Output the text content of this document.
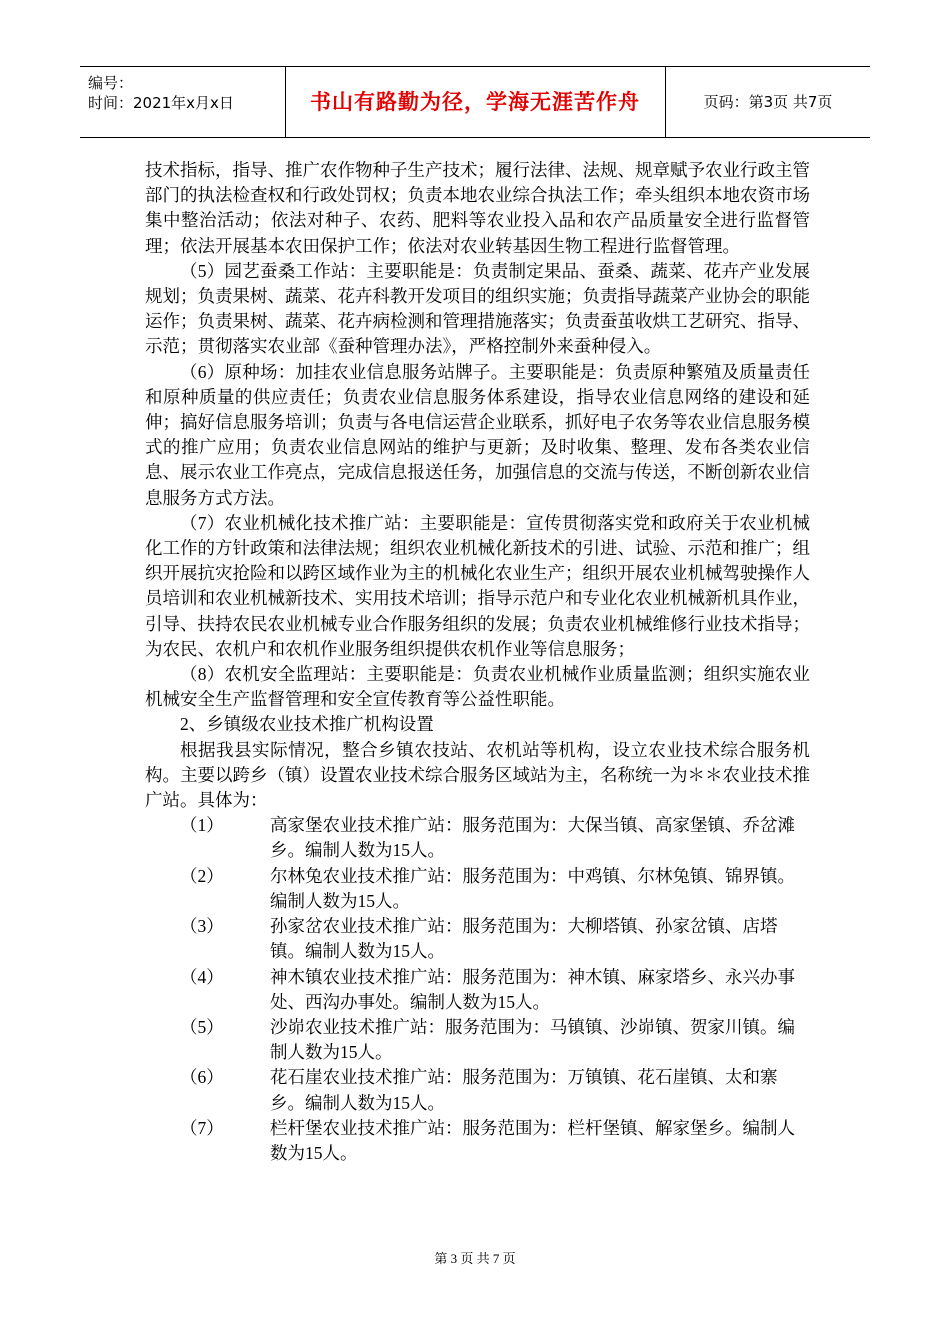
编号：
时间：2021年x月x日	书山有路勤为径，学海无涯苦作舟	页码：第3页 共7页

技术指标，指导、推广农作物种子生产技术；履行法律、法规、规章赋予农业行政主管部门的执法检查权和行政处罚权；负责本地农业综合执法工作；牵头组织本地农资市场集中整治活动；依法对种子、农药、肥料等农业投入品和农产品质量安全进行监督管理；依法开展基本农田保护工作；依法对农业转基因生物工程进行监督管理。

（5）园艺蚕桑工作站：主要职能是：负责制定果品、蚕桑、蔬菜、花卉产业发展规划；负责果树、蔬菜、花卉科教开发项目的组织实施；负责指导蔬菜产业协会的职能运作；负责果树、蔬菜、花卉病检测和管理措施落实；负责蚕茧收烘工艺研究、指导、示范；贯彻落实农业部《蚕种管理办法》，严格控制外来蚕种侵入。

（6）原种场：加挂农业信息服务站牌子。主要职能是：负责原种繁殖及质量责任和原种质量的供应责任；负责农业信息服务体系建设，指导农业信息网络的建设和延伸；搞好信息服务培训；负责与各电信运营企业联系，抓好电子农务等农业信息服务模式的推广应用；负责农业信息网站的维护与更新；及时收集、整理、发布各类农业信息、展示农业工作亮点，完成信息报送任务，加强信息的交流与传送，不断创新农业信息服务方式方法。

（7）农业机械化技术推广站：主要职能是：宣传贯彻落实党和政府关于农业机械化工作的方针政策和法律法规；组织农业机械化新技术的引进、试验、示范和推广；组织开展抗灾抢险和以跨区域作业为主的机械化农业生产；组织开展农业机械驾驶操作人员培训和农业机械新技术、实用技术培训；指导示范户和专业化农业机械新机具作业，引导、扶持农民农业机械专业合作服务组织的发展；负责农业机械维修行业技术指导；为农民、农机户和农机作业服务组织提供农机作业等信息服务；

（8）农机安全监理站：主要职能是：负责农业机械作业质量监测；组织实施农业机械安全生产监督管理和安全宣传教育等公益性职能。

2、乡镇级农业技术推广机构设置

根据我县实际情况，整合乡镇农技站、农机站等机构，设立农业技术综合服务机构。主要以跨乡（镇）设置农业技术综合服务区域站为主，名称统一为＊＊农业技术推广站。具体为：

（1）	高家堡农业技术推广站：服务范围为：大保当镇、高家堡镇、乔岔滩乡。编制人数为15人。
（2）	尔林兔农业技术推广站：服务范围为：中鸡镇、尔林兔镇、锦界镇。编制人数为15人。
（3）	孙家岔农业技术推广站：服务范围为：大柳塔镇、孙家岔镇、店塔镇。编制人数为15人。
（4）	神木镇农业技术推广站：服务范围为：神木镇、麻家塔乡、永兴办事处、西沟办事处。编制人数为15人。
（5）	沙峁农业技术推广站：服务范围为：马镇镇、沙峁镇、贺家川镇。编制人数为15人。
（6）	花石崖农业技术推广站：服务范围为：万镇镇、花石崖镇、太和寨乡。编制人数为15人。
（7）	栏杆堡农业技术推广站：服务范围为：栏杆堡镇、解家堡乡。编制人数为15人。
第 3 页 共 7 页
